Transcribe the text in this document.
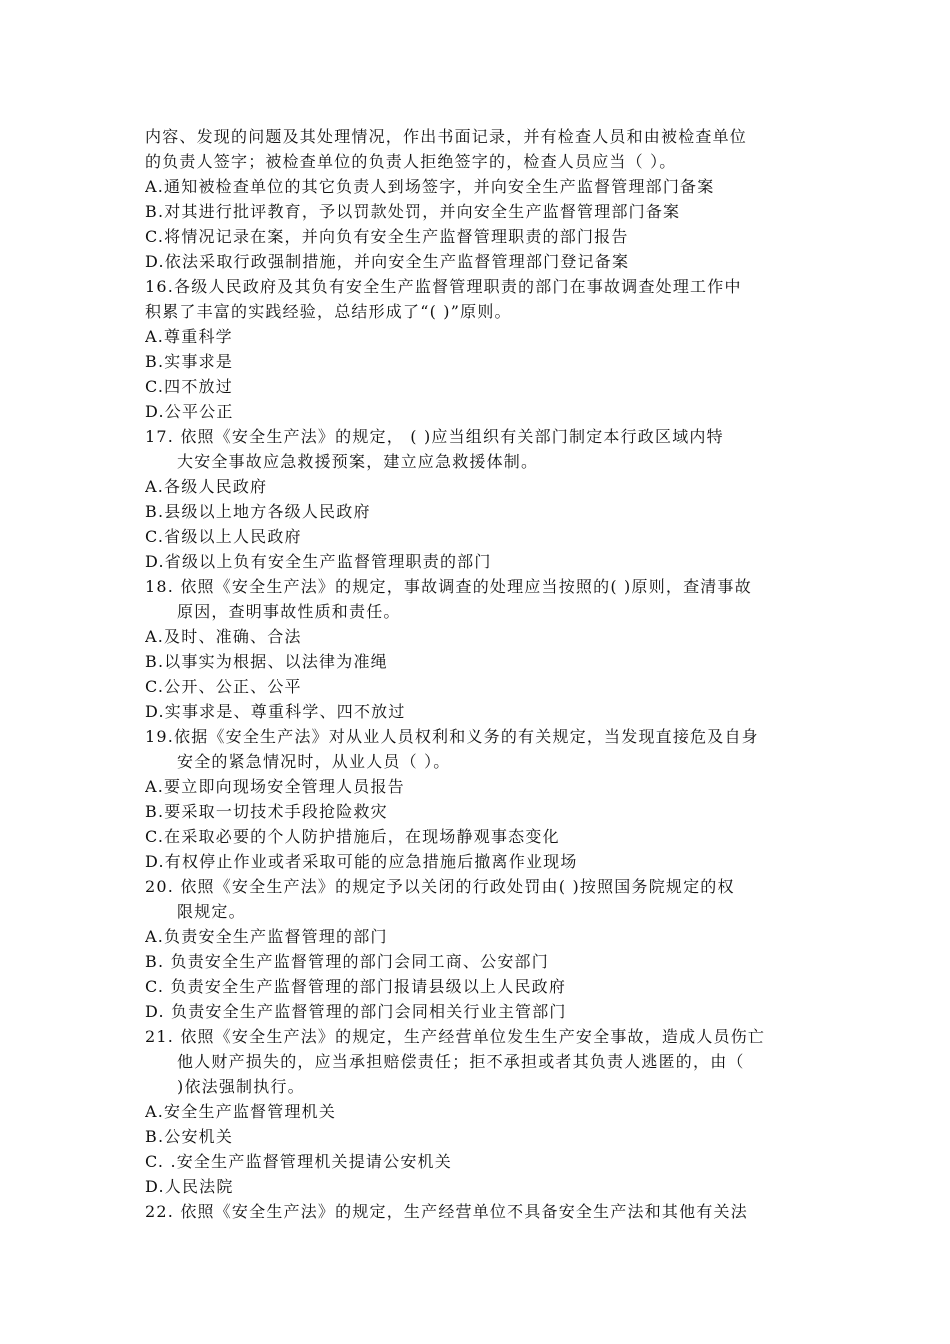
内容、发现的问题及其处理情况，作出书面记录，并有检查人员和由被检查单位
的负责人签字；被检查单位的负责人拒绝签字的，检查人员应当（ ）。
A.通知被检查单位的其它负责人到场签字，并向安全生产监督管理部门备案
B.对其进行批评教育，予以罚款处罚，并向安全生产监督管理部门备案
C.将情况记录在案，并向负有安全生产监督管理职责的部门报告
D.依法采取行政强制措施，并向安全生产监督管理部门登记备案
16.各级人民政府及其负有安全生产监督管理职责的部门在事故调查处理工作中
积累了丰富的实践经验，总结形成了“( )”原则。
A.尊重科学
B.实事求是
C.四不放过
D.公平公正
17. 依照《安全生产法》的规定， ( )应当组织有关部门制定本行政区域内特
大安全事故应急救援预案，建立应急救援体制。
A.各级人民政府
B.县级以上地方各级人民政府
C.省级以上人民政府
D.省级以上负有安全生产监督管理职责的部门
18. 依照《安全生产法》的规定，事故调查的处理应当按照的( )原则，查清事故
原因，查明事故性质和责任。
A.及时、准确、合法
B.以事实为根据、以法律为准绳
C.公开、公正、公平
D.实事求是、尊重科学、四不放过
19.依据《安全生产法》对从业人员权利和义务的有关规定，当发现直接危及自身
安全的紧急情况时，从业人员（ ）。
A.要立即向现场安全管理人员报告
B.要采取一切技术手段抢险救灾
C.在采取必要的个人防护措施后，在现场静观事态变化
D.有权停止作业或者采取可能的应急措施后撤离作业现场
20. 依照《安全生产法》的规定予以关闭的行政处罚由( )按照国务院规定的权
限规定。
A.负责安全生产监督管理的部门
B. 负责安全生产监督管理的部门会同工商、公安部门
C. 负责安全生产监督管理的部门报请县级以上人民政府
D. 负责安全生产监督管理的部门会同相关行业主管部门
21. 依照《安全生产法》的规定，生产经营单位发生生产安全事故，造成人员伤亡
他人财产损失的，应当承担赔偿责任；拒不承担或者其负责人逃匿的，由（
)依法强制执行。
A.安全生产监督管理机关
B.公安机关
C. .安全生产监督管理机关提请公安机关
D.人民法院
22. 依照《安全生产法》的规定，生产经营单位不具备安全生产法和其他有关法
